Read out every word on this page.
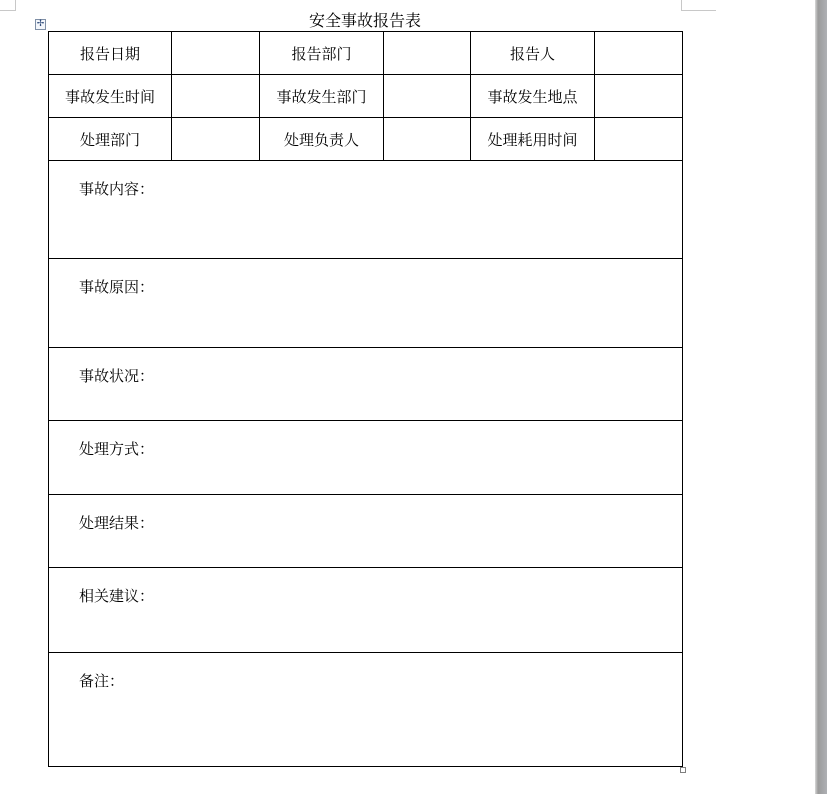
✢	安全事故报告表
报告日期		报告部门		报告人	
事故发生时间		事故发生部门		事故发生地点	
处理部门		处理负责人		处理耗用时间	

事故内容：					

事故原因：					

事故状况：					

处理方式：					

处理结果：					

相关建议：					

备注：					
